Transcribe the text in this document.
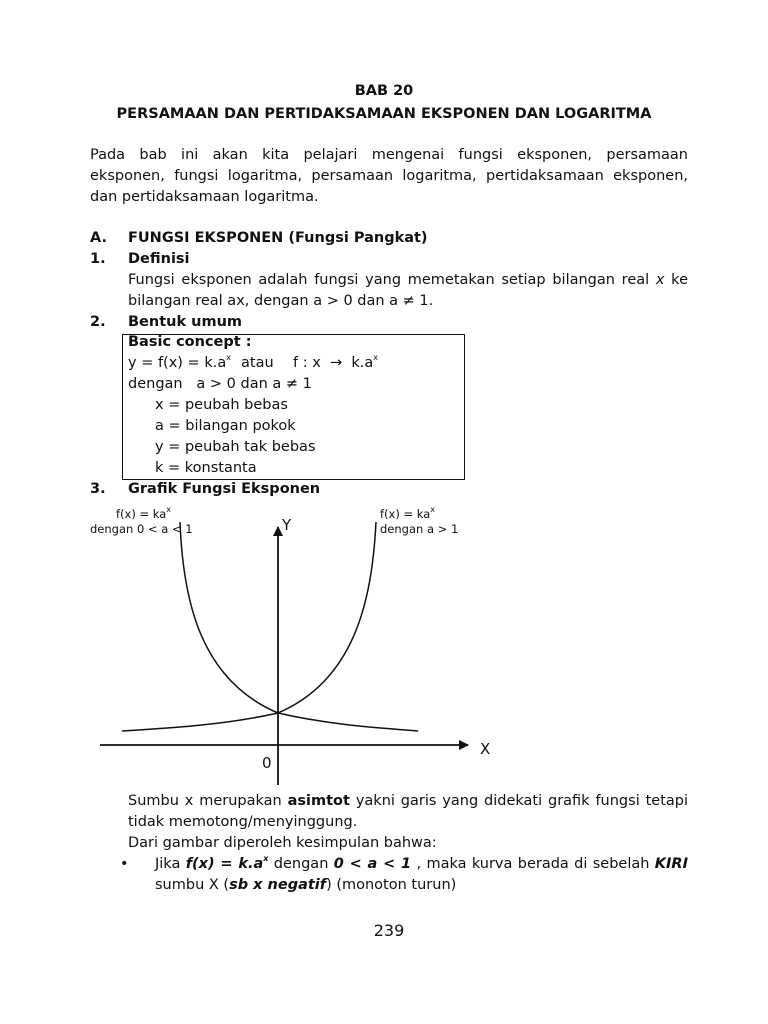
BAB 20
PERSAMAAN DAN PERTIDAKSAMAAN EKSPONEN DAN LOGARITMA
Pada bab ini akan kita pelajari mengenai fungsi eksponen, persamaan
eksponen, fungsi logaritma, persamaan logaritma, pertidaksamaan eksponen,
dan pertidaksamaan logaritma.
A. FUNGSI EKSPONEN (Fungsi Pangkat)
1. Definisi
Fungsi eksponen adalah fungsi yang memetakan setiap bilangan real x ke
bilangan real ax, dengan a > 0 dan a ≠ 1.
2. Bentuk umum
Basic concept :
$y = f(x) = k.a^x$ atau f : $x \to k.a^x$
dengan   a > 0 dan a ≠ 1
x = peubah bebas
a = bilangan pokok
y = peubah tak bebas
k = konstanta
3. Grafik Fungsi Eksponen
$f(x) = ka^x$
dengan 0 < a < 1
$f(x) = ka^x$
dengan a > 1
Y
X
0
Sumbu x merupakan asimtot yakni garis yang didekati grafik fungsi tetapi
tidak memotong/menyinggung.
Dari gambar diperoleh kesimpulan bahwa:
• Jika $f(x) = k.a^x$ dengan 0 < a < 1 , maka kurva berada di sebelah KIRI
sumbu X (sb x negatif) (monoton turun)
239
